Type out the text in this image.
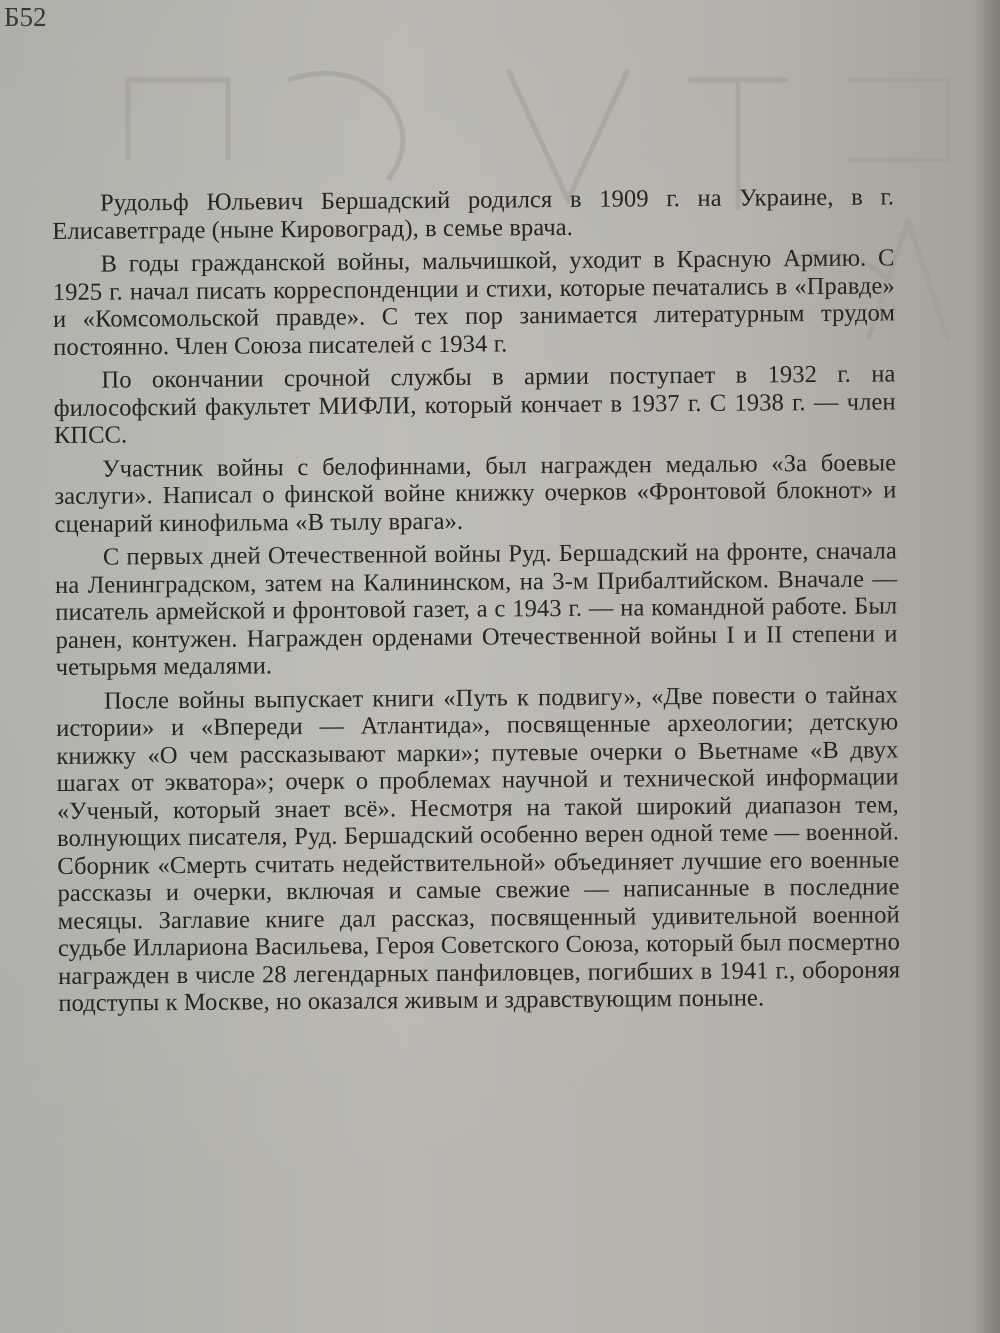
Б52

Рудольф Юльевич Бершадский родился в 1909 г. на Украине, в г. Елисаветграде (ныне Кировоград), в семье врача.

В годы гражданской войны, мальчишкой, уходит в Красную Армию. С 1925 г. начал писать корреспонденции и стихи, которые печатались в «Правде» и «Комсомольской правде». С тех пор занимается литературным трудом постоянно. Член Союза писателей с 1934 г.

По окончании срочной службы в армии поступает в 1932 г. на философский факультет МИФЛИ, который кончает в 1937 г. С 1938 г. — член КПСС.

Участник войны с белофиннами, был награжден медалью «За боевые заслуги». Написал о финской войне книжку очерков «Фронтовой блокнот» и сценарий кинофильма «В тылу врага».

С первых дней Отечественной войны Руд. Бершадский на фронте, сначала на Ленинградском, затем на Калининском, на 3-м Прибалтийском. Вначале — писатель армейской и фронтовой газет, а с 1943 г. — на командной работе. Был ранен, контужен. Награжден орденами Отечественной войны I и II степени и четырьмя медалями.

После войны выпускает книги «Путь к подвигу», «Две повести о тайнах истории» и «Впереди — Атлантида», посвященные археологии; детскую книжку «О чем рассказывают марки»; путевые очерки о Вьетнаме «В двух шагах от экватора»; очерк о проблемах научной и технической информации «Ученый, который знает всё». Несмотря на такой широкий диапазон тем, волнующих писателя, Руд. Бершадский особенно верен одной теме — военной. Сборник «Смерть считать недействительной» объединяет лучшие его военные рассказы и очерки, включая и самые свежие — написанные в последние месяцы. Заглавие книге дал рассказ, посвященный удивительной военной судьбе Иллариона Васильева, Героя Советского Союза, который был посмертно награжден в числе 28 легендарных панфиловцев, погибших в 1941 г., обороняя подступы к Москве, но оказался живым и здравствующим поныне.
